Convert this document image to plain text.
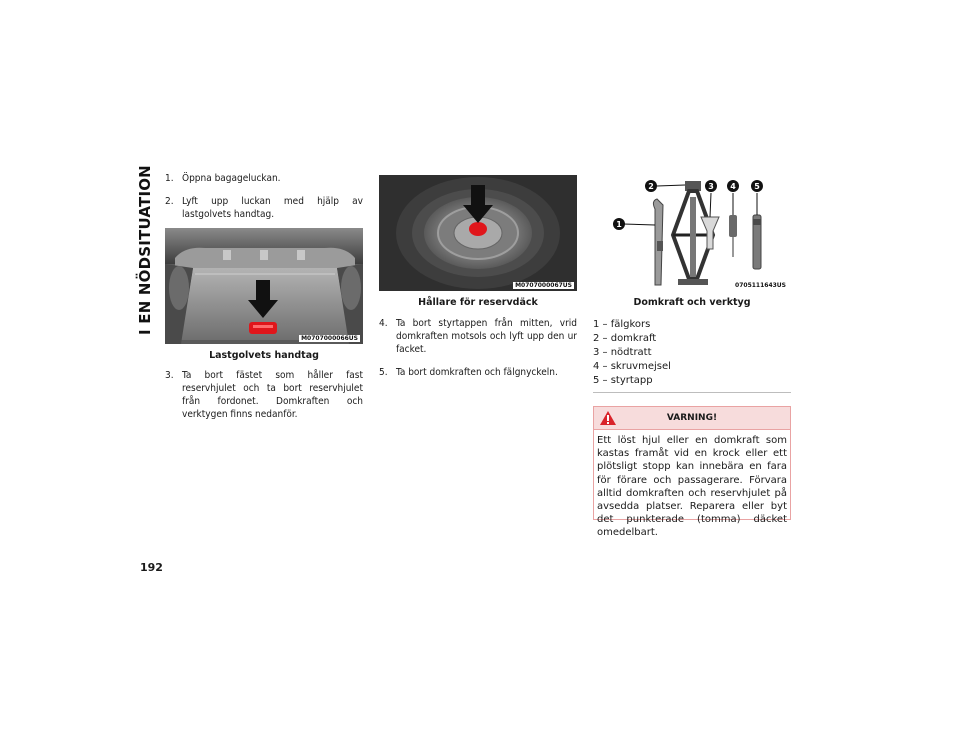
I EN NÖDSITUATION 1. Öppna bagageluckan.
2. Lyft upp luckan med hjälp av lastgolvets handtag.
M0707000066US
Lastgolvets handtag
3. Ta bort fästet som håller fast reservhjulet och ta bort reservhjulet från fordonet. Domkraften och verktygen finns nedanför.
M0707000067US
Hållare för reservdäck
4. Ta bort styrtappen från mitten, vrid domkraften motsols och lyft upp den ur facket.
5. Ta bort domkraften och fälgnyckeln.
1
2	3 4 5
0705111643US
Domkraft och verktyg
1 – fälgkors
2 – domkraft
3 – nödtratt
4 – skruvmejsel
5 – styrtapp
VARNING!
Ett löst hjul eller en domkraft som kastas framåt vid en krock eller ett plötsligt stopp kan innebära en fara för förare och passagerare. Förvara alltid domkraften och reservhjulet på avsedda platser. Reparera eller byt det punkterade (tomma) däcket omedelbart.
192
